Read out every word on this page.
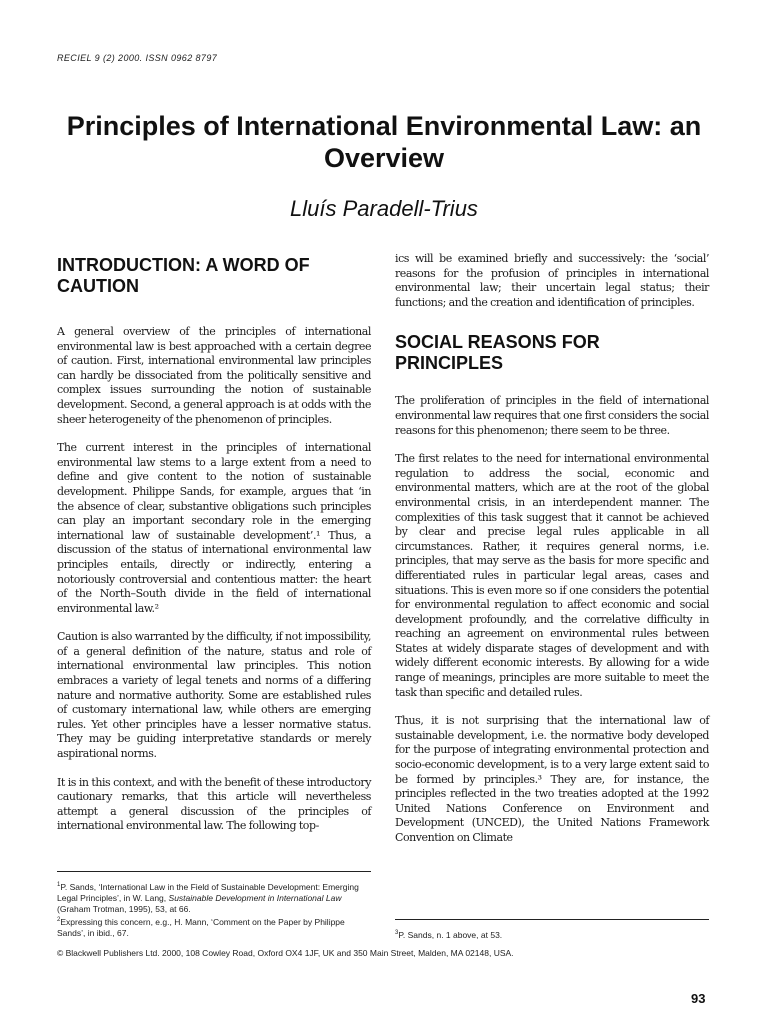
RECIEL 9 (2) 2000. ISSN 0962 8797
Principles of International Environmental Law: an Overview
Lluís Paradell-Trius
INTRODUCTION: A WORD OF CAUTION

A general overview of the principles of international environmental law is best approached with a certain degree of caution. First, international environmental law principles can hardly be dissociated from the politically sensitive and complex issues surrounding the notion of sustainable development. Second, a general approach is at odds with the sheer heterogeneity of the phenomenon of principles.

The current interest in the principles of international environmental law stems to a large extent from a need to define and give content to the notion of sustainable development. Philippe Sands, for example, argues that ‘in the absence of clear, substantive obligations such principles can play an important secondary role in the emerging international law of sustainable development’.¹ Thus, a discussion of the status of international environmental law principles entails, directly or indirectly, entering a notoriously controversial and contentious matter: the heart of the North–South divide in the field of international environmental law.²

Caution is also warranted by the difficulty, if not impossibility, of a general definition of the nature, status and role of international environmental law principles. This notion embraces a variety of legal tenets and norms of a differing nature and normative authority. Some are established rules of customary international law, while others are emerging rules. Yet other principles have a lesser normative status. They may be guiding interpretative standards or merely aspirational norms.

It is in this context, and with the benefit of these introductory cautionary remarks, that this article will nevertheless attempt a general discussion of the principles of international environmental law. The following top-

ics will be examined briefly and successively: the ‘social’ reasons for the profusion of principles in international environmental law; their uncertain legal status; their functions; and the creation and identification of principles.

SOCIAL REASONS FOR PRINCIPLES

The proliferation of principles in the field of international environmental law requires that one first considers the social reasons for this phenomenon; there seem to be three.

The first relates to the need for international environmental regulation to address the social, economic and environmental matters, which are at the root of the global environmental crisis, in an interdependent manner. The complexities of this task suggest that it cannot be achieved by clear and precise legal rules applicable in all circumstances. Rather, it requires general norms, i.e. principles, that may serve as the basis for more specific and differentiated rules in particular legal areas, cases and situations. This is even more so if one considers the potential for environmental regulation to affect economic and social development profoundly, and the correlative difficulty in reaching an agreement on environmental rules between States at widely disparate stages of development and with widely different economic interests. By allowing for a wide range of meanings, principles are more suitable to meet the task than specific and detailed rules.

Thus, it is not surprising that the international law of sustainable development, i.e. the normative body developed for the purpose of integrating environmental protection and socio-economic development, is to a very large extent said to be formed by principles.³ They are, for instance, the principles reflected in the two treaties adopted at the 1992 United Nations Conference on Environment and Development (UNCED), the United Nations Framework Convention on Climate

$^1$P. Sands, ‘International Law in the Field of Sustainable Development: Emerging Legal Principles’, in W. Lang, Sustainable Development in International Law (Graham Trotman, 1995), 53, at 66.

$^2$Expressing this concern, e.g., H. Mann, ‘Comment on the Paper by Philippe Sands’, in ibid., 67.	$^3$P. Sands, n. 1 above, at 53.

© Blackwell Publishers Ltd. 2000, 108 Cowley Road, Oxford OX4 1JF, UK and 350 Main Street, Malden, MA 02148, USA.
93
